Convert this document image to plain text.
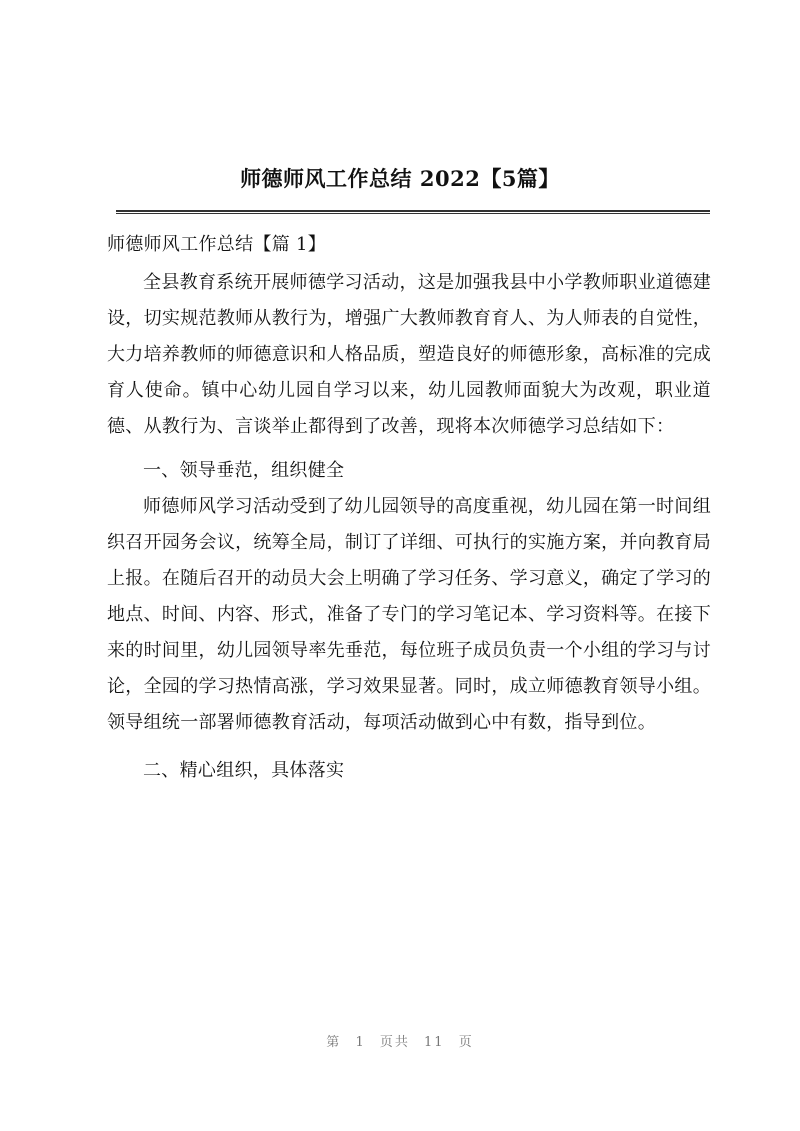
师德师风工作总结 2022【5篇】

师德师风工作总结【篇 1】

全县教育系统开展师德学习活动，这是加强我县中小学教师职业道德建设，切实规范教师从教行为，增强广大教师教育育人、为人师表的自觉性，大力培养教师的师德意识和人格品质，塑造良好的师德形象，高标准的完成育人使命。镇中心幼儿园自学习以来，幼儿园教师面貌大为改观，职业道德、从教行为、言谈举止都得到了改善，现将本次师德学习总结如下：

一、领导垂范，组织健全

师德师风学习活动受到了幼儿园领导的高度重视，幼儿园在第一时间组织召开园务会议，统筹全局，制订了详细、可执行的实施方案，并向教育局上报。在随后召开的动员大会上明确了学习任务、学习意义，确定了学习的地点、时间、内容、形式，准备了专门的学习笔记本、学习资料等。在接下来的时间里，幼儿园领导率先垂范，每位班子成员负责一个小组的学习与讨论，全园的学习热情高涨，学习效果显著。同时，成立师德教育领导小组。领导组统一部署师德教育活动，每项活动做到心中有数，指导到位。

二、精心组织，具体落实

第 1 页共 11 页
